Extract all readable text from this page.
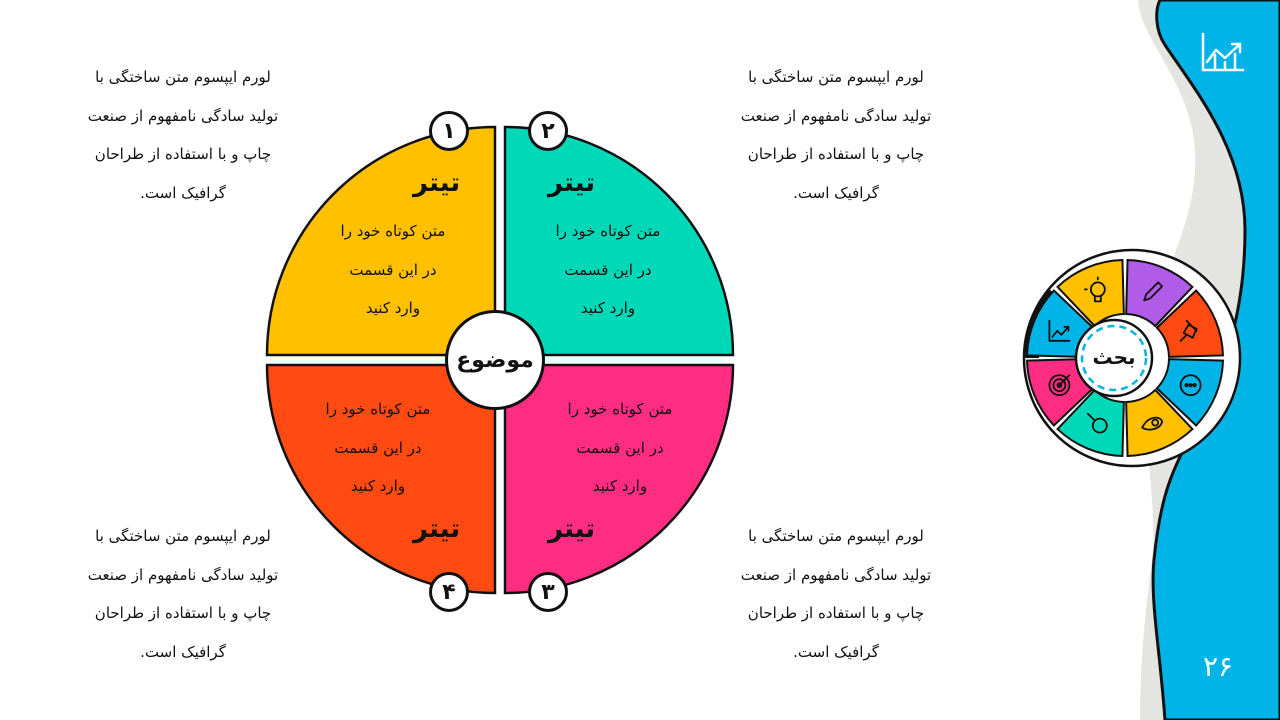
بحث
موضوع
۱
تیتر
متن کوتاه خود را
در این قسمت
وارد کنید
۲
تیتر
متن کوتاه خود را
در این قسمت
وارد کنید
متن کوتاه خود را
در این قسمت
وارد کنید
تیتر
۳
متن کوتاه خود را
در این قسمت
وارد کنید
تیتر
۴
لورم ایپسوم متن ساختگی با
تولید سادگی نامفهوم از صنعت
چاپ و با استفاده از طراحان
گرافیک است.
لورم ایپسوم متن ساختگی با
تولید سادگی نامفهوم از صنعت
چاپ و با استفاده از طراحان
گرافیک است.
لورم ایپسوم متن ساختگی با
تولید سادگی نامفهوم از صنعت
چاپ و با استفاده از طراحان
گرافیک است.
لورم ایپسوم متن ساختگی با
تولید سادگی نامفهوم از صنعت
چاپ و با استفاده از طراحان
گرافیک است.	۲۶
